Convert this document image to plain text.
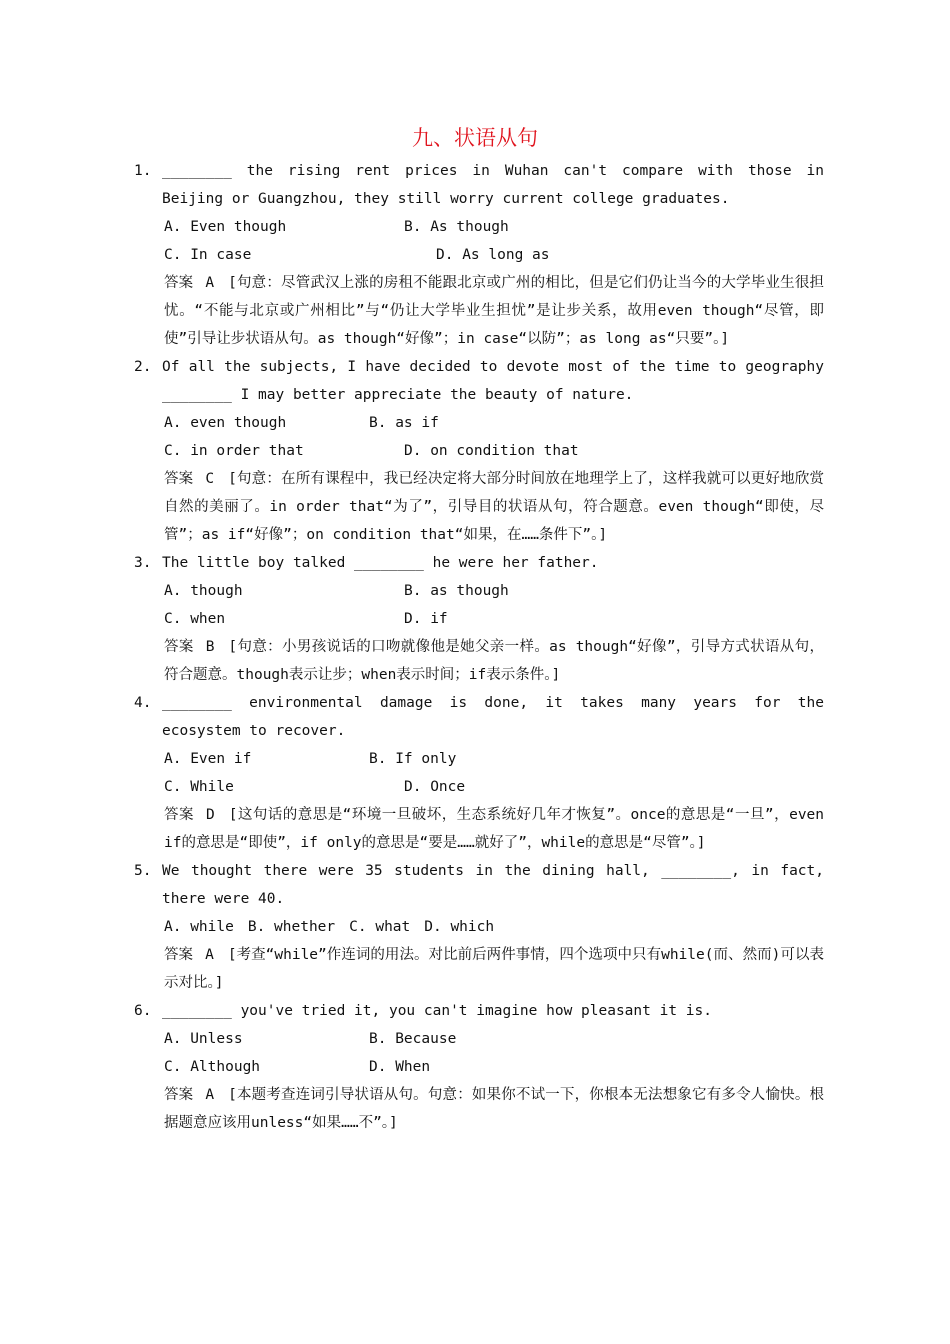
九、状语从句
1. ________ the rising rent prices in Wuhan can't compare with those in Beijing or Guangzhou, they still worry current college graduates.
A. Even though	B. As though
C. In case	D. As long as
答案 A [句意：尽管武汉上涨的房租不能跟北京或广州的相比，但是它们仍让当今的大学毕业生很担忧。“不能与北京或广州相比”与“仍让大学毕业生担忧”是让步关系，故用even though“尽管，即使”引导让步状语从句。as though“好像”；in case“以防”；as long as“只要”。]
2. Of all the subjects, I have decided to devote most of the time to geography ________ I may better appreciate the beauty of nature.
A. even though	B. as if
C. in order that	D. on condition that
答案 C [句意：在所有课程中，我已经决定将大部分时间放在地理学上了，这样我就可以更好地欣赏自然的美丽了。in order that“为了”，引导目的状语从句，符合题意。even though“即使，尽管”；as if“好像”；on condition that“如果，在……条件下”。]
3. The little boy talked ________ he were her father.
A. though	B. as though
C. when	D. if
答案 B [句意：小男孩说话的口吻就像他是她父亲一样。as though“好像”，引导方式状语从句，符合题意。though表示让步；when表示时间；if表示条件。]
4. ________ environmental damage is done, it takes many years for the ecosystem to recover.
A. Even if	B. If only
C. While	D. Once
答案 D [这句话的意思是“环境一旦破坏，生态系统好几年才恢复”。once的意思是“一旦”，even if的意思是“即使”，if only的意思是“要是……就好了”，while的意思是“尽管”。]
5. We thought there were 35 students in the dining hall, ________, in fact, there were 40.
A. while B. whether C. what D. which
答案 A [考查“while”作连词的用法。对比前后两件事情，四个选项中只有while(而、然而)可以表示对比。]
6. ________ you've tried it, you can't imagine how pleasant it is.
A. Unless	B. Because
C. Although	D. When
答案 A [本题考查连词引导状语从句。句意：如果你不试一下，你根本无法想象它有多令人愉快。根据题意应该用unless“如果……不”。]
